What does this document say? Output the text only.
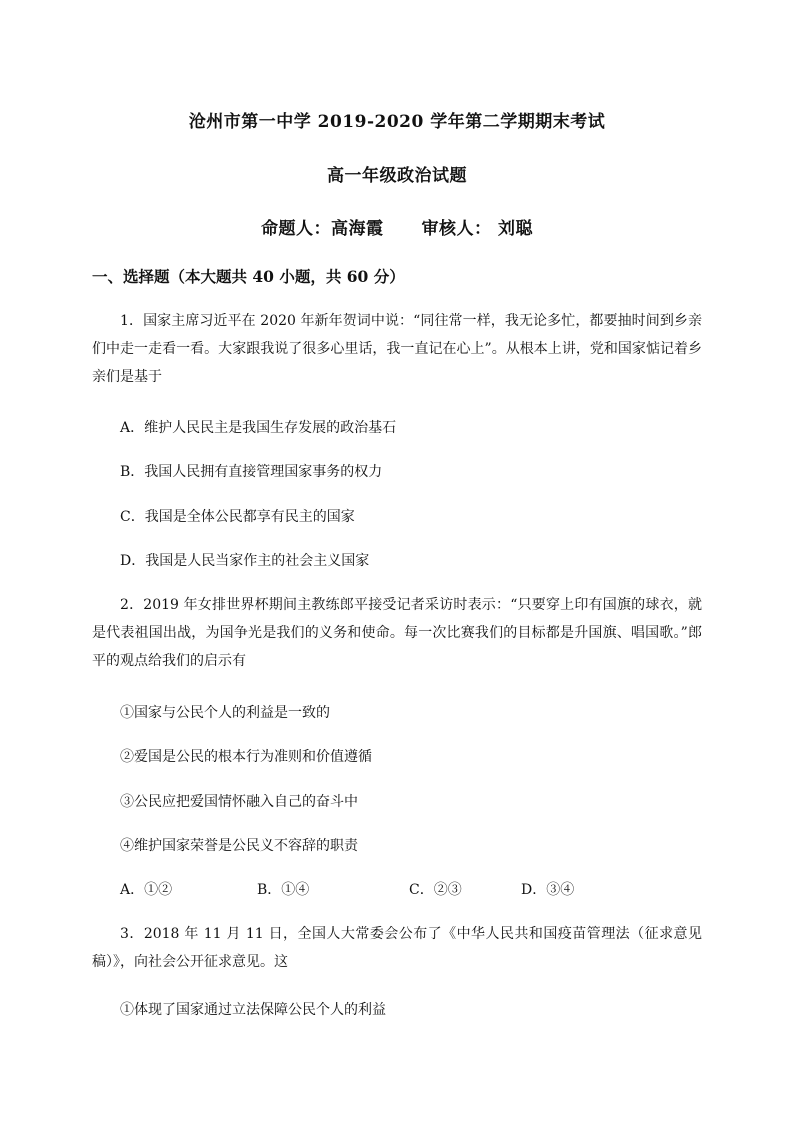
沧州市第一中学 2019-2020 学年第二学期期末考试
高一年级政治试题
命题人：高海霞 审核人： 刘聪
一、选择题（本大题共 40 小题，共 60 分）
1．国家主席习近平在 2020 年新年贺词中说：“同往常一样，我无论多忙，都要抽时间到乡亲们中走一走看一看。大家跟我说了很多心里话，我一直记在心上”。从根本上讲，党和国家惦记着乡亲们是基于
A．维护人民民主是我国生存发展的政治基石
B．我国人民拥有直接管理国家事务的权力
C．我国是全体公民都享有民主的国家
D．我国是人民当家作主的社会主义国家
2．2019 年女排世界杯期间主教练郎平接受记者采访时表示：“只要穿上印有国旗的球衣，就是代表祖国出战，为国争光是我们的义务和使命。每一次比赛我们的目标都是升国旗、唱国歌。”郎平的观点给我们的启示有
①国家与公民个人的利益是一致的
②爱国是公民的根本行为准则和价值遵循
③公民应把爱国情怀融入自己的奋斗中
④维护国家荣誉是公民义不容辞的职责
A．①②	B．①④	C．②③	D．③④
3．2018 年 11 月 11 日，全国人大常委会公布了《中华人民共和国疫苗管理法（征求意见稿）》，向社会公开征求意见。这
①体现了国家通过立法保障公民个人的利益
